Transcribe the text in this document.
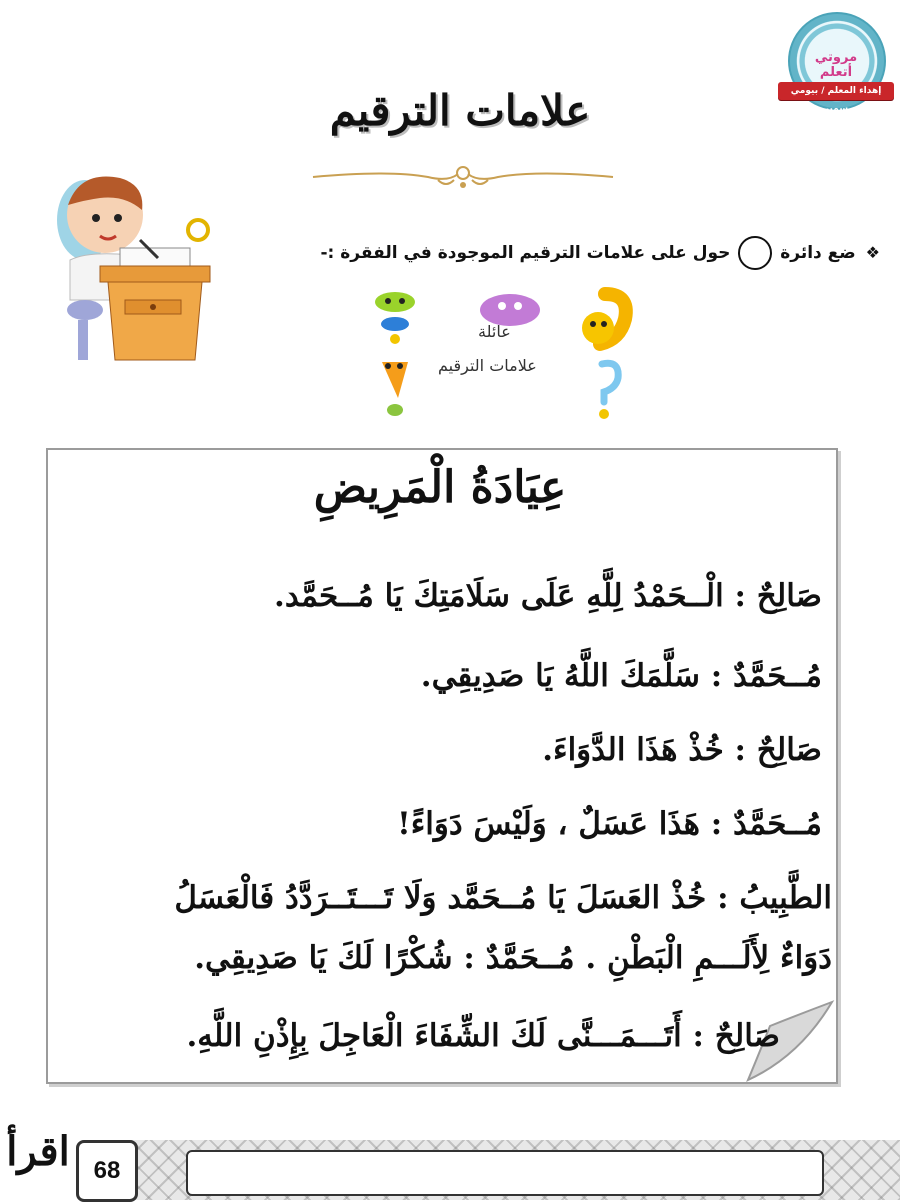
مروتي أتعلم
إهداء المعلم / بيومي سمير
علامات الترقيم
❖ ضع دائرة  حول على علامات الترقيم الموجودة في الفقرة :-
عائلة
علامات الترقيم
عِيَادَةُ الْمَرِيضِ
صَالِحٌ : الْــحَمْدُ لِلَّهِ عَلَى سَلَامَتِكَ يَا مُــحَمَّد.
مُــحَمَّدٌ : سَلَّمَكَ اللَّهُ يَا صَدِيقِي.
صَالِحٌ : خُذْ هَذَا الدَّوَاءَ.
مُــحَمَّدٌ : هَذَا عَسَلٌ ، وَلَيْسَ دَوَاءً!
الطَّبِيبُ : خُذْ العَسَلَ يَا مُــحَمَّد وَلَا تَـــتَــرَدَّدُ فَالْعَسَلُ
دَوَاءٌ لِأَلَـــمِ الْبَطْنِ . مُــحَمَّدٌ : شُكْرًا لَكَ يَا صَدِيقِي.
صَالِحٌ : أَتَـــمَـــنَّى لَكَ الشِّفَاءَ الْعَاجِلَ بِإِذْنِ اللَّهِ.
68
اقرأ
